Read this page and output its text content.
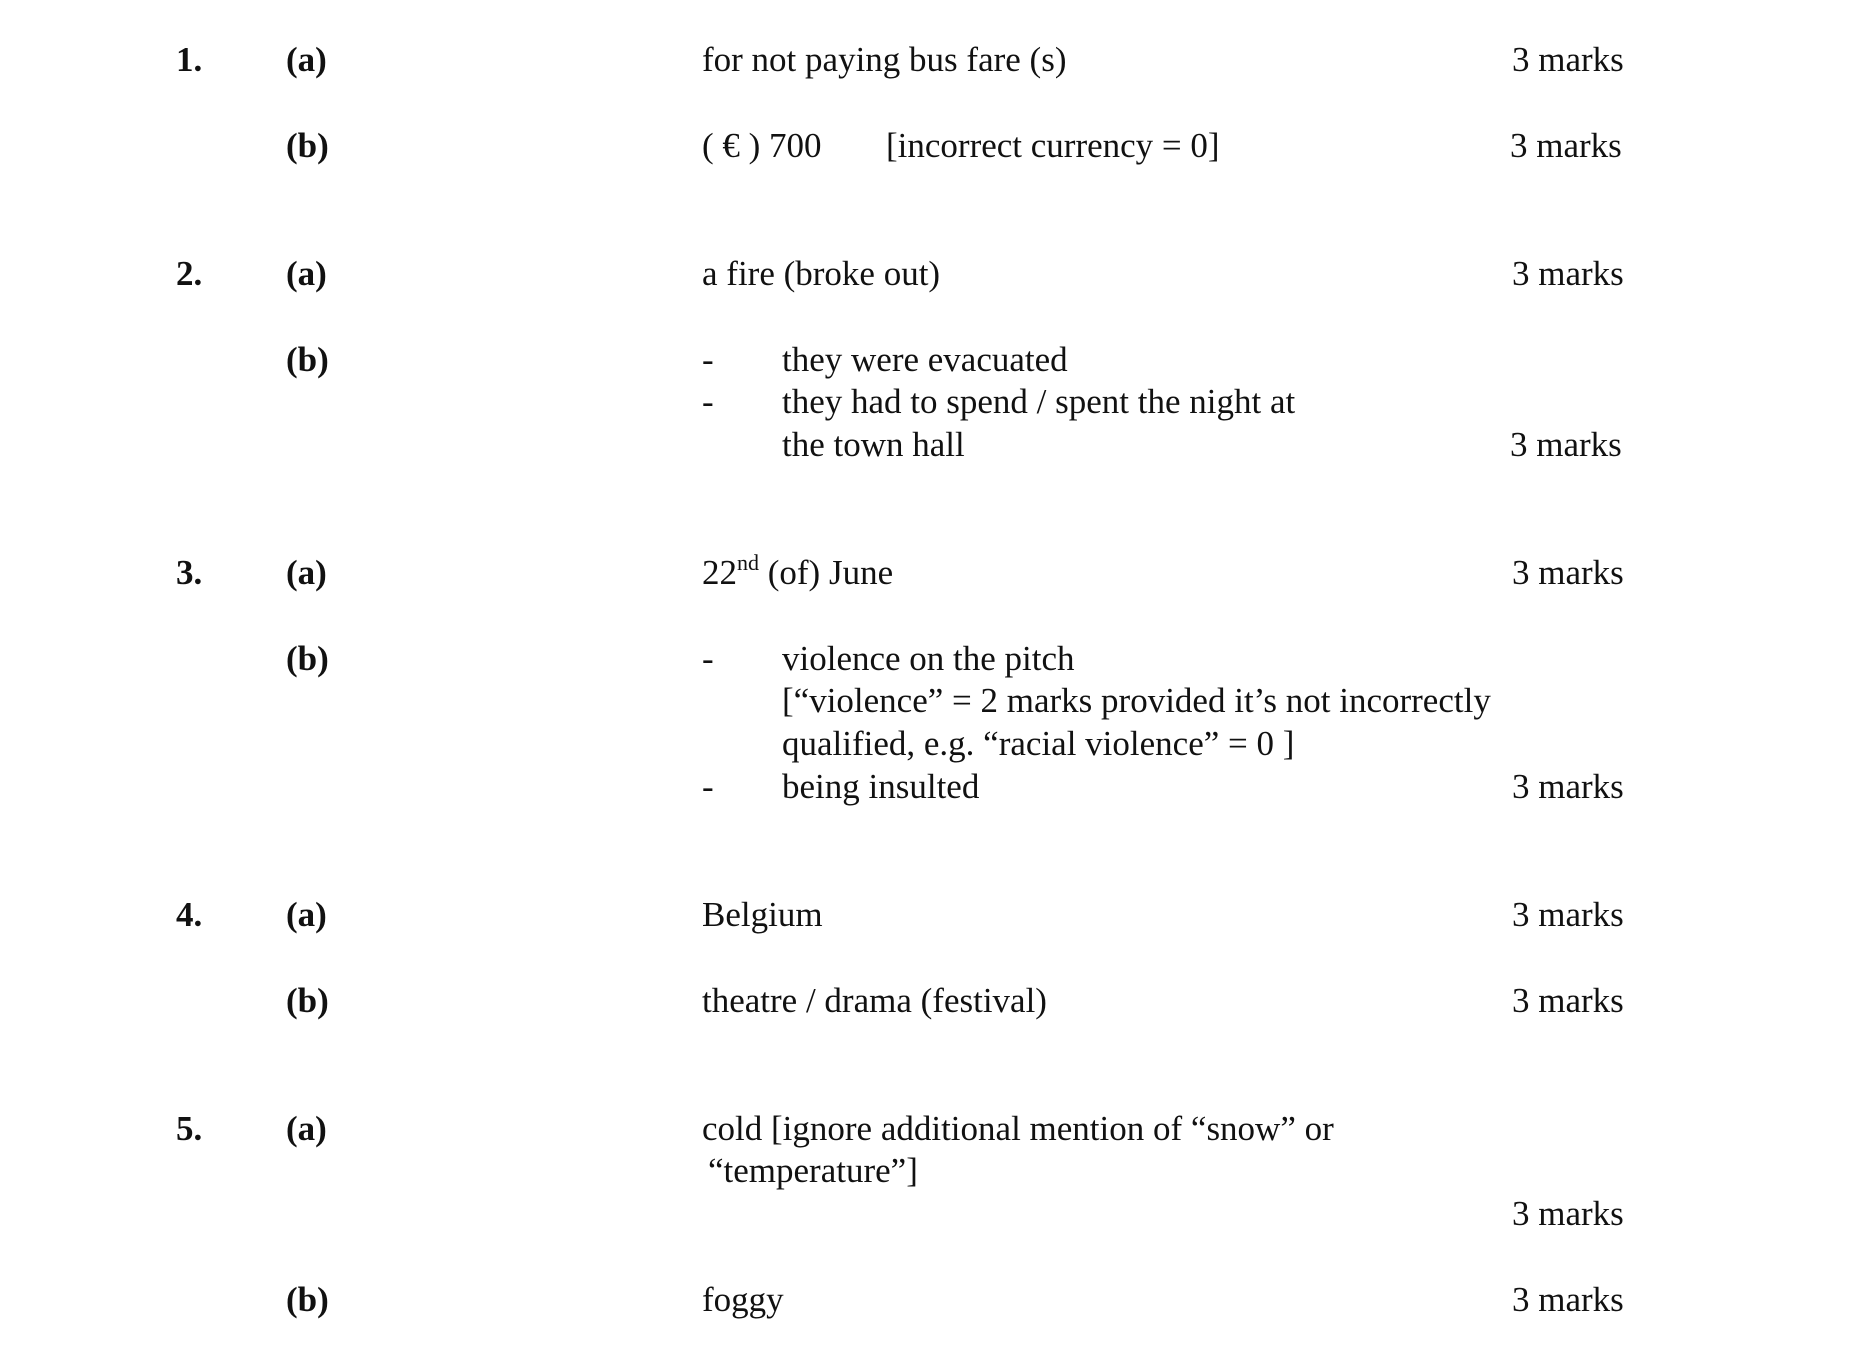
1. (a)	for not paying bus fare (s)	3 marks
(b)	( € ) 700 [incorrect currency = 0]	3 marks
2. (a)	a fire (broke out)	3 marks
(b)	- they were evacuated
- they had to spend / spent the night at
the town hall	3 marks
3. (a)	22nd (of) June	3 marks
(b)	- violence on the pitch
[“violence” = 2 marks provided it’s not incorrectly
qualified, e.g. “racial violence” = 0 ]
- being insulted	3 marks
4. (a)	Belgium	3 marks
(b)	theatre / drama (festival)	3 marks
5. (a)	cold [ignore additional mention of “snow” or
“temperature”]
3 marks
(b)	foggy	3 marks
